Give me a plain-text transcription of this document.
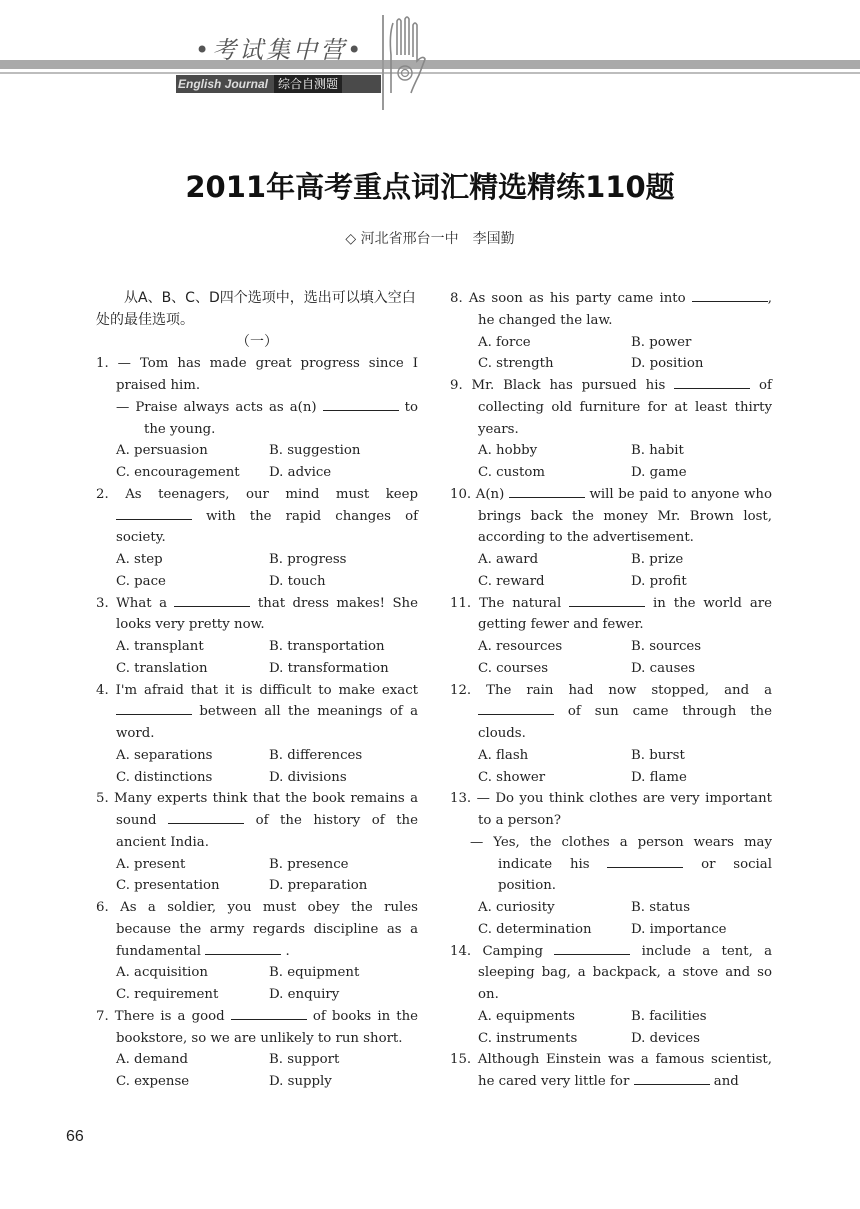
•考试集中营•
English Journal 综合自测题
2011年高考重点词汇精选精练110题
◇ 河北省邢台一中　李国勤
从A、B、C、D四个选项中，选出可以填入空白处的最佳选项。
（一）
1. — Tom has made great progress since I praised him.
— Praise always acts as a(n)	to the young.
A. persuasion	B. suggestion
C. encouragement	D. advice
2. As teenagers, our mind must keep  with the rapid changes of society.
A. step	B. progress
C. pace	D. touch
3. What a	that dress makes! She looks very pretty now.
A. transplant	B. transportation
C. translation	D. transformation
4. I'm afraid that it is difficult to make exact  between all the meanings of a word.
A. separations	B. differences
C. distinctions	D. divisions
5. Many experts think that the book remains a sound	of the history of the ancient India.
A. present	B. presence
C. presentation	D. preparation
6. As a soldier, you must obey the rules because the army regards discipline as a fundamental	.
A. acquisition	B. equipment
C. requirement	D. enquiry
7. There is a good	of books in the bookstore, so we are unlikely to run short.
A. demand	B. support
C. expense	D. supply
8. As soon as his party came into	, he changed the law.
A. force	B. power
C. strength	D. position
9. Mr. Black has pursued his	of collecting old furniture for at least thirty years.
A. hobby	B. habit
C. custom	D. game
10. A(n)	will be paid to anyone who brings back the money Mr. Brown lost, according to the advertisement.
A. award	B. prize
C. reward	D. profit
11. The natural	in the world are getting fewer and fewer.
A. resources	B. sources
C. courses	D. causes
12. The rain had now stopped, and a  of sun came through the clouds.
A. flash	B. burst
C. shower	D. flame
13. — Do you think clothes are very important to a person?
— Yes, the clothes a person wears may indicate his	or social position.
A. curiosity	B. status
C. determination	D. importance
14. Camping	include a tent, a sleeping bag, a backpack, a stove and so on.
A. equipments	B. facilities
C. instruments	D. devices
15. Although Einstein was a famous scientist, he cared very little for	and
66
